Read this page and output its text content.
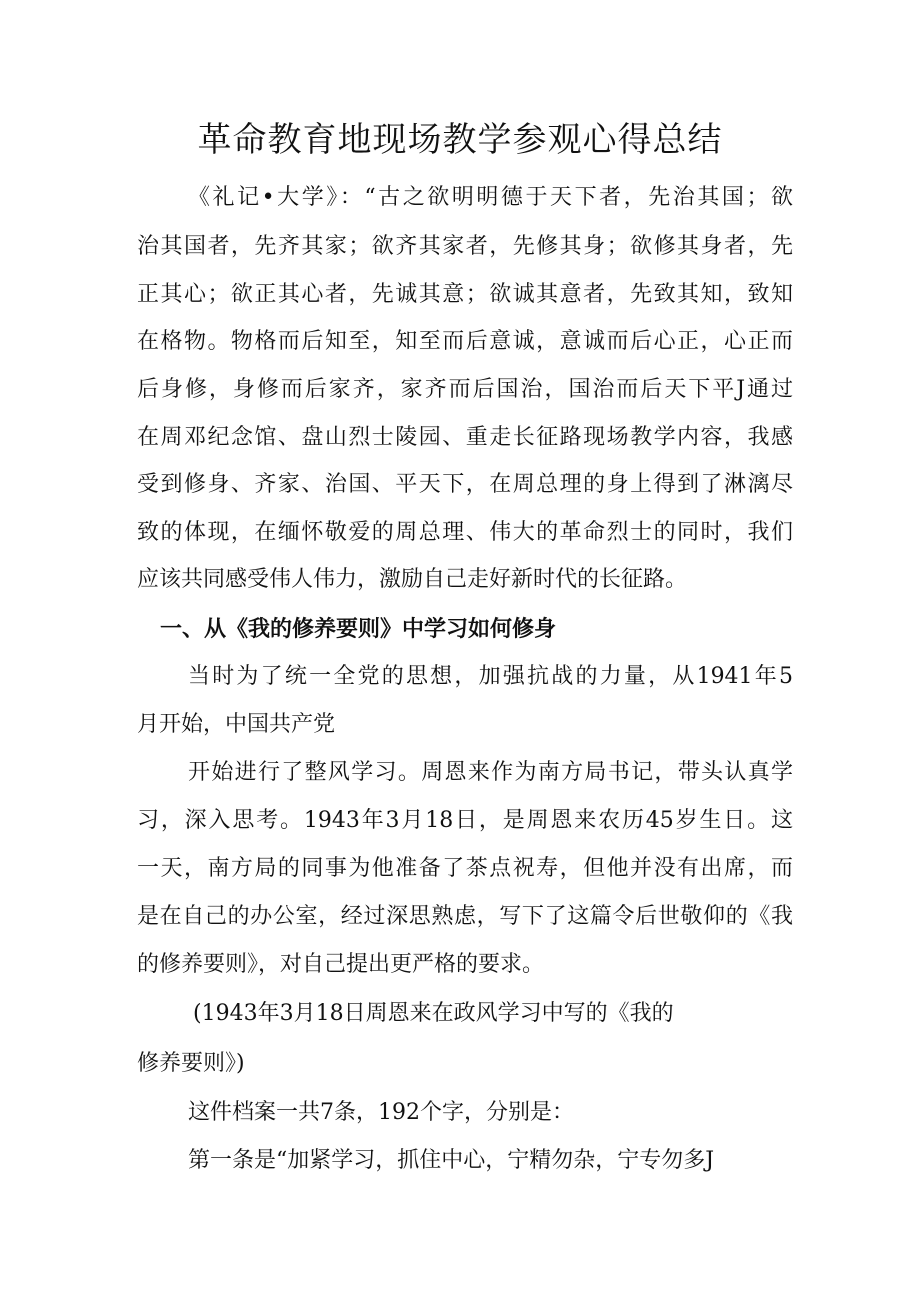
革命教育地现场教学参观心得总结
《礼记•大学》：“古之欲明明德于天下者，先治其国；欲
治其国者，先齐其家；欲齐其家者，先修其身；欲修其身者，先
正其心；欲正其心者，先诚其意；欲诚其意者，先致其知，致知
在格物。物格而后知至，知至而后意诚，意诚而后心正，心正而
后身修，身修而后家齐，家齐而后国治，国治而后天下平J通过
在周邓纪念馆、盘山烈士陵园、重走长征路现场教学内容，我感
受到修身、齐家、治国、平天下，在周总理的身上得到了淋漓尽
致的体现，在缅怀敬爱的周总理、伟大的革命烈士的同时，我们
应该共同感受伟人伟力，激励自己走好新时代的长征路。
一、从《我的修养要则》中学习如何修身
当时为了统一全党的思想，加强抗战的力量，从1941年5
月开始，中国共产党
开始进行了整风学习。周恩来作为南方局书记，带头认真学
习，深入思考。1943年3月18日，是周恩来农历45岁生日。这
一天，南方局的同事为他准备了茶点祝寿，但他并没有出席，而
是在自己的办公室，经过深思熟虑，写下了这篇令后世敬仰的《我
的修养要则》，对自己提出更严格的要求。
(1943年3月18日周恩来在政风学习中写的《我的
修养要则》)
这件档案一共7条，192个字，分别是：
第一条是“加紧学习，抓住中心，宁精勿杂，宁专勿多J
